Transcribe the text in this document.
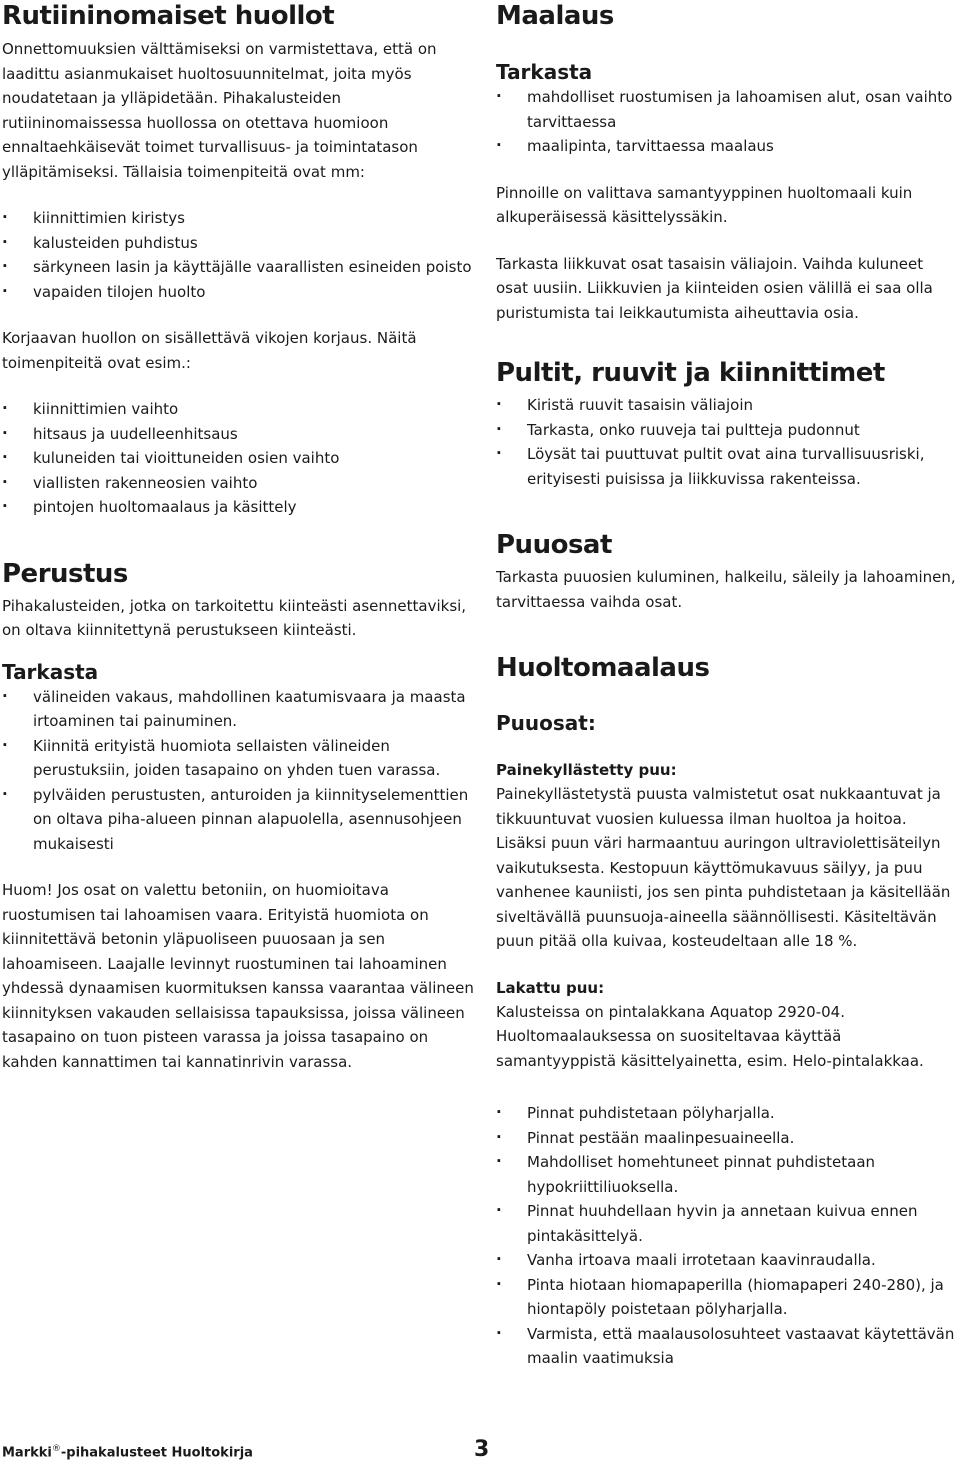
Rutiininomaiset huollot

Onnettomuuksien välttämiseksi on varmistettava, että on laadittu asianmukaiset huoltosuunnitelmat, joita myös noudatetaan ja ylläpidetään. Pihakalusteiden rutiininomaissessa huollossa on otettava huomioon ennaltaehkäisevät toimet turvallisuus- ja toimintatason ylläpitämiseksi. Tällaisia toimenpiteitä ovat mm:

· kiinnittimien kiristys
· kalusteiden puhdistus
· särkyneen lasin ja käyttäjälle vaarallisten esineiden poisto
· vapaiden tilojen huolto

Korjaavan huollon on sisällettävä vikojen korjaus. Näitä toimenpiteitä ovat esim.:

· kiinnittimien vaihto
· hitsaus ja uudelleenhitsaus
· kuluneiden tai vioittuneiden osien vaihto
· viallisten rakenneosien vaihto
· pintojen huoltomaalaus ja käsittely
Perustus

Pihakalusteiden, jotka on tarkoitettu kiinteästi asennettaviksi, on oltava kiinnitettynä perustukseen kiinteästi.

Tarkasta
· välineiden vakaus, mahdollinen kaatumisvaara ja maasta irtoaminen tai painuminen.
· Kiinnitä erityistä huomiota sellaisten välineiden perustuksiin, joiden tasapaino on yhden tuen varassa.
· pylväiden perustusten, anturoiden ja kiinnityselementtien on oltava piha-alueen pinnan alapuolella, asennusohjeen mukaisesti

Huom! Jos osat on valettu betoniin, on huomioitava ruostumisen tai lahoamisen vaara. Erityistä huomiota on kiinnitettävä betonin yläpuoliseen puuosaan ja sen lahoamiseen. Laajalle levinnyt ruostuminen tai lahoaminen yhdessä dynaamisen kuormituksen kanssa vaarantaa välineen kiinnityksen vakauden sellaisissa tapauksissa, joissa välineen tasapaino on tuon pisteen varassa ja joissa tasapaino on kahden kannattimen tai kannatinrivin varassa.

Maalaus
Tarkasta
· mahdolliset ruostumisen ja lahoamisen alut, osan vaihto tarvittaessa
· maalipinta, tarvittaessa maalaus

Pinnoille on valittava samantyyppinen huoltomaali kuin alkuperäisessä käsittelyssäkin.

Tarkasta liikkuvat osat tasaisin väliajoin. Vaihda kuluneet osat uusiin. Liikkuvien ja kiinteiden osien välillä ei saa olla puristumista tai leikkautumista aiheuttavia osia.

Pultit, ruuvit ja kiinnittimet
· Kiristä ruuvit tasaisin väliajoin
· Tarkasta, onko ruuveja tai pultteja pudonnut
· Löysät tai puuttuvat pultit ovat aina turvallisuusriski, erityisesti puisissa ja liikkuvissa rakenteissa.
Puuosat

Tarkasta puuosien kuluminen, halkeilu, säleily ja lahoaminen, tarvittaessa vaihda osat.

Huoltomaalaus
Puuosat:
Painekyllästetty puu:

Painekyllästetystä puusta valmistetut osat nukkaantuvat ja tikkuuntuvat vuosien kuluessa ilman huoltoa ja hoitoa. Lisäksi puun väri harmaantuu auringon ultraviolettisäteilyn vaikutuksesta. Kestopuun käyttömukavuus säilyy, ja puu vanhenee kauniisti, jos sen pinta puhdistetaan ja käsitellään siveltävällä puunsuoja-aineella säännöllisesti. Käsiteltävän puun pitää olla kuivaa, kosteudeltaan alle 18 %.

Lakattu puu:

Kalusteissa on pintalakkana Aquatop 2920-04. Huoltomaalauksessa on suositeltavaa käyttää samantyyppistä käsittelyainetta, esim. Helo-pintalakkaa.

· Pinnat puhdistetaan pölyharjalla.
· Pinnat pestään maalinpesuaineella.
· Mahdolliset homehtuneet pinnat puhdistetaan hypokriittiliuoksella.
· Pinnat huuhdellaan hyvin ja annetaan kuivua ennen pintakäsittelyä.
· Vanha irtoava maali irrotetaan kaavinraudalla.
· Pinta hiotaan hiomapaperilla (hiomapaperi 240-280), ja hiontapöly poistetaan pölyharjalla.
· Varmista, että maalausolosuhteet vastaavat käytettävän maalin vaatimuksia
Markki®-pihakalusteet Huoltokirja	3
